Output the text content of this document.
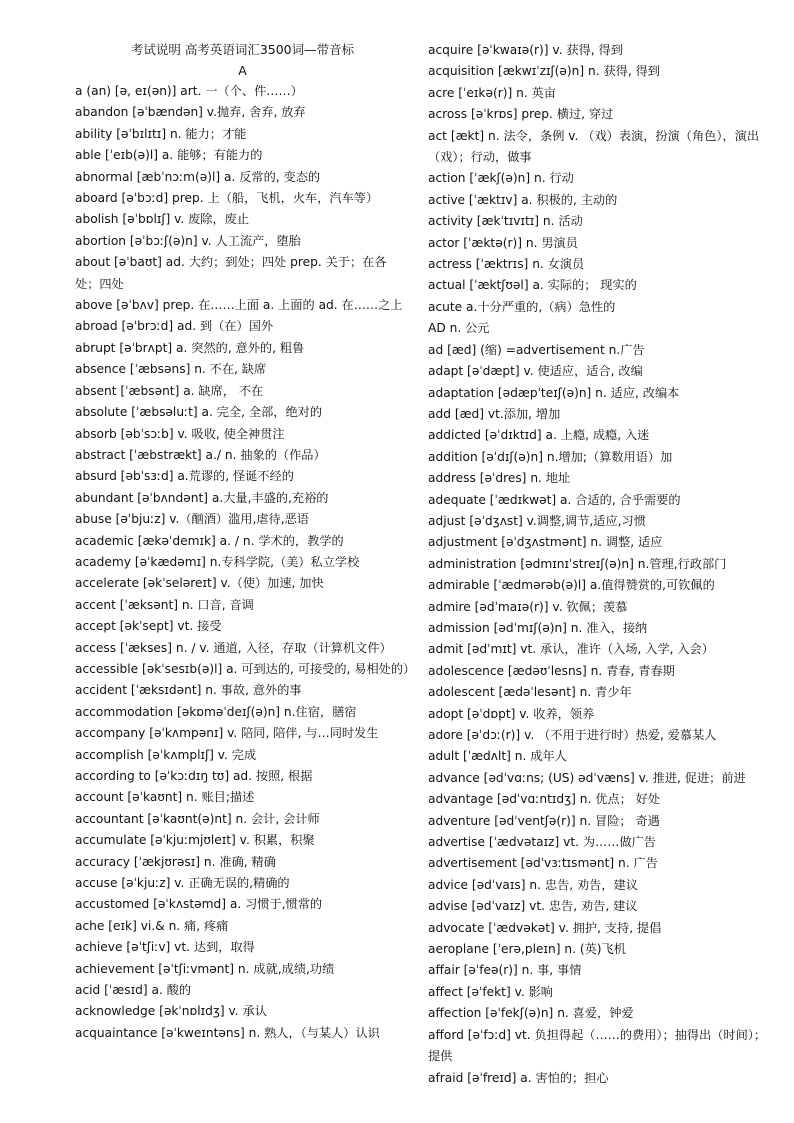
考试说明 高考英语词汇3500词—带音标
A
a (an) [ə, eɪ(ən)] art. 一（个、件……）
abandon [əˈbændən] v.抛弃, 舍弃, 放弃
ability [əˈbɪlɪtɪ] n. 能力；才能
able [ˈeɪb(ə)l] a. 能够；有能力的
abnormal [æbˈnɔːm(ə)l] a. 反常的, 变态的
aboard [əˈbɔːd] prep. 上（船，飞机，火车，汽车等）
abolish [əˈbɒlɪʃ] v. 废除，废止
abortion [əˈbɔːʃ(ə)n] v. 人工流产，堕胎
about [əˈbaʊt] ad. 大约；到处；四处 prep. 关于；在各处；四处
above [əˈbʌv] prep. 在……上面 a. 上面的 ad. 在……之上
abroad [əˈbrɔːd] ad. 到（在）国外
abrupt [əˈbrʌpt] a. 突然的, 意外的, 粗鲁
absence [ˈæbsəns] n. 不在, 缺席
absent [ˈæbsənt] a. 缺席， 不在
absolute [ˈæbsəluːt] a. 完全, 全部，绝对的
absorb [əbˈsɔːb] v. 吸收, 使全神贯注
abstract [ˈæbstrækt] a./ n. 抽象的（作品）
absurd [əbˈsɜːd] a.荒谬的, 怪诞不经的
abundant [əˈbʌndənt] a.大量,丰盛的,充裕的
abuse [əˈbjuːz] v.（酗酒）滥用,虐待,恶语
academic [ækəˈdemɪk] a. / n. 学术的，教学的
academy [əˈkædəmɪ] n.专科学院,（美）私立学校
accelerate [əkˈseləreɪt] v.（使）加速, 加快
accent [ˈæksənt] n. 口音, 音调
accept [əkˈsept] vt. 接受
access [ˈækses] n. / v. 通道, 入径，存取（计算机文件）
accessible [əkˈsesɪb(ə)l] a. 可到达的, 可接受的, 易相处的）
accident [ˈæksɪdənt] n. 事故, 意外的事
accommodation [əkɒməˈdeɪʃ(ə)n] n.住宿，膳宿
accompany [əˈkʌmpənɪ] v. 陪同, 陪伴, 与…同时发生
accomplish [əˈkʌmplɪʃ] v. 完成
according to [əˈkɔːdɪŋ tʊ] ad. 按照, 根据
account [əˈkaʊnt] n. 账目;描述
accountant [əˈkaʊnt(ə)nt] n. 会计, 会计师
accumulate [əˈkjuːmjʊleɪt] v. 积累，积聚
accuracy [ˈækjʊrəsɪ] n. 准确, 精确
accuse [əˈkjuːz] v. 正确无误的,精确的
accustomed [əˈkʌstəmd] a. 习惯于,惯常的
ache [eɪk] vi.& n. 痛, 疼痛
achieve [əˈtʃiːv] vt. 达到，取得
achievement [əˈtʃiːvmənt] n. 成就,成绩,功绩
acid [ˈæsɪd] a. 酸的
acknowledge [əkˈnɒlɪdʒ] v. 承认
acquaintance [əˈkweɪntəns] n. 熟人，（与某人）认识
acquire [əˈkwaɪə(r)] v. 获得, 得到
acquisition [ækwɪˈzɪʃ(ə)n] n. 获得, 得到
acre [ˈeɪkə(r)] n. 英亩
across [əˈkrɒs] prep. 横过, 穿过
act [ækt] n. 法令，条例 v. （戏）表演，扮演（角色），演出（戏）；行动，做事
action [ˈækʃ(ə)n] n. 行动
active [ˈæktɪv] a. 积极的, 主动的
activity [ækˈtɪvɪtɪ] n. 活动
actor [ˈæktə(r)] n. 男演员
actress [ˈæktrɪs] n. 女演员
actual [ˈæktʃʊəl] a. 实际的； 现实的
acute a.十分严重的,（病）急性的
AD n. 公元
ad [æd] (缩) =advertisement n.广告
adapt [əˈdæpt] v. 使适应，适合, 改编
adaptation [ədæpˈteɪʃ(ə)n] n. 适应, 改编本
add [æd] vt.添加, 增加
addicted [əˈdɪktɪd] a. 上瘾, 成瘾, 入迷
addition [əˈdɪʃ(ə)n] n.增加;（算数用语）加
address [əˈdres] n. 地址
adequate [ˈædɪkwət] a. 合适的, 合乎需要的
adjust [əˈdʒʌst] v.调整,调节,适应,习惯
adjustment [əˈdʒʌstmənt] n. 调整, 适应
administration [ədmɪnɪˈstreɪʃ(ə)n] n.管理,行政部门
admirable [ˈædmərəb(ə)l] a.值得赞赏的,可钦佩的
admire [ədˈmaɪə(r)] v. 钦佩；羡慕
admission [ədˈmɪʃ(ə)n] n. 准入，接纳
admit [ədˈmɪt] vt. 承认，准许（入场, 入学, 入会）
adolescence [ædəʊˈlesns] n. 青春, 青春期
adolescent [ædəˈlesənt] n. 青少年
adopt [əˈdɒpt] v. 收养，领养
adore [əˈdɔː(r)] v. （不用于进行时）热爱, 爱慕某人
adult [ˈædʌlt] n. 成年人
advance [ədˈvɑːns; (US) ədˈvæns] v. 推进, 促进；前进
advantage [ədˈvɑːntɪdʒ] n. 优点； 好处
adventure [ədˈventʃə(r)] n. 冒险； 奇遇
advertise [ˈædvətaɪz] vt. 为……做广告
advertisement [ədˈvɜːtɪsmənt] n. 广告
advice [ədˈvaɪs] n. 忠告, 劝告，建议
advise [ədˈvaɪz] vt. 忠告, 劝告, 建议
advocate [ˈædvəkət] v. 拥护, 支持, 提倡
aeroplane [ˈerə,pleɪn] n. (英)飞机
affair [əˈfeə(r)] n. 事, 事情
affect [əˈfekt] v. 影响
affection [əˈfekʃ(ə)n] n. 喜爱，钟爱
afford [əˈfɔːd] vt. 负担得起（……的费用）；抽得出（时间）；提供
afraid [əˈfreɪd] a. 害怕的；担心
